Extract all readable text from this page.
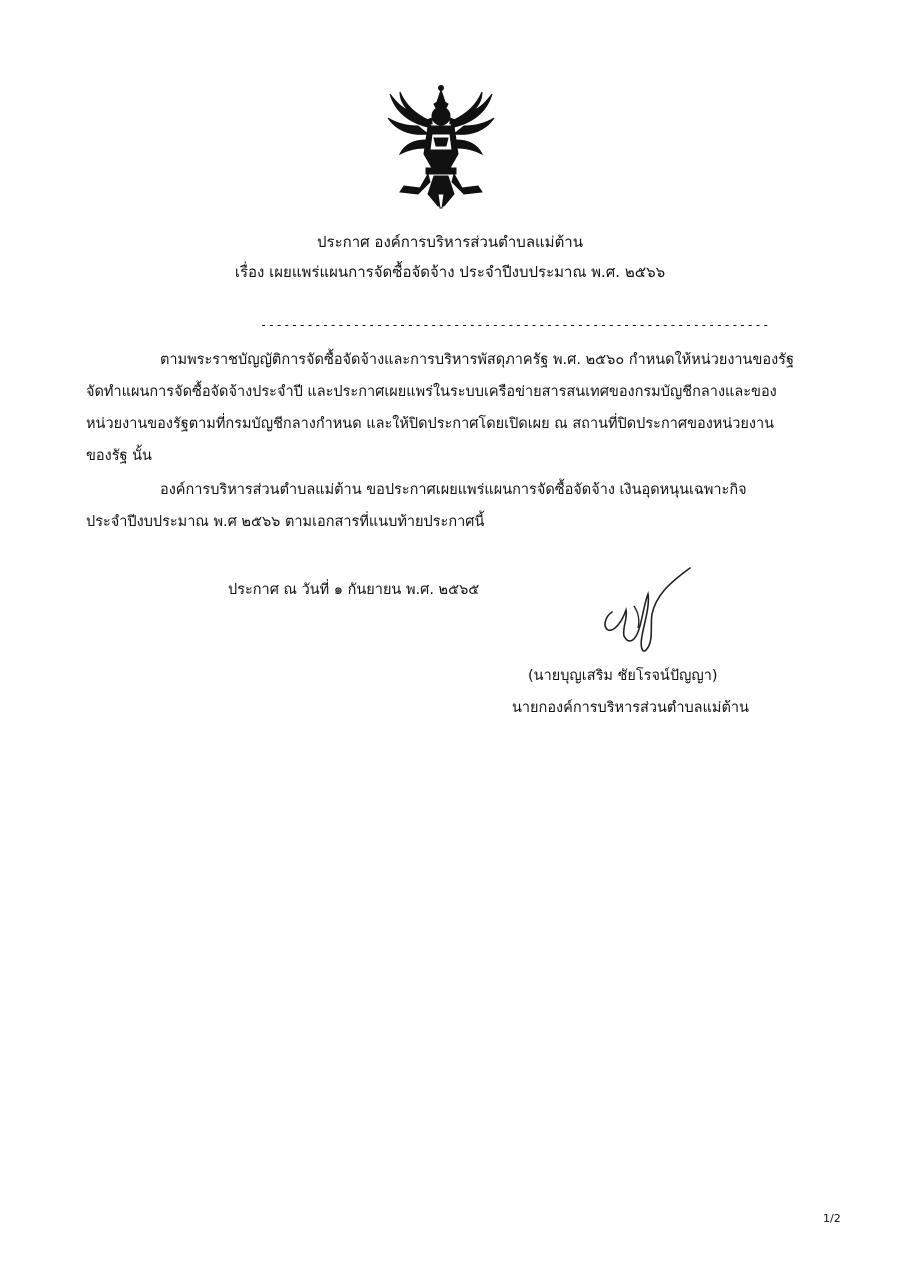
ประกาศ องค์การบริหารส่วนตำบลแม่ต้าน
เรื่อง เผยแพร่แผนการจัดซื้อจัดจ้าง ประจำปีงบประมาณ พ.ศ. ๒๕๖๖
------------------------------------------------------------------
ตามพระราชบัญญัติการจัดซื้อจัดจ้างและการบริหารพัสดุภาครัฐ พ.ศ. ๒๕๖๐ กำหนดให้หน่วยงานของรัฐ
จัดทำแผนการจัดซื้อจัดจ้างประจำปี และประกาศเผยแพร่ในระบบเครือข่ายสารสนเทศของกรมบัญชีกลางและของ
หน่วยงานของรัฐตามที่กรมบัญชีกลางกำหนด และให้ปิดประกาศโดยเปิดเผย ณ สถานที่ปิดประกาศของหน่วยงาน
ของรัฐ นั้น
องค์การบริหารส่วนตำบลแม่ต้าน ขอประกาศเผยแพร่แผนการจัดซื้อจัดจ้าง เงินอุดหนุนเฉพาะกิจ
ประจำปีงบประมาณ พ.ศ ๒๕๖๖ ตามเอกสารที่แนบท้ายประกาศนี้
ประกาศ ณ วันที่ ๑ กันยายน พ.ศ. ๒๕๖๕
(นายบุญเสริม ชัยโรจน์ปัญญา)
นายกองค์การบริหารส่วนตำบลแม่ต้าน
1/2
